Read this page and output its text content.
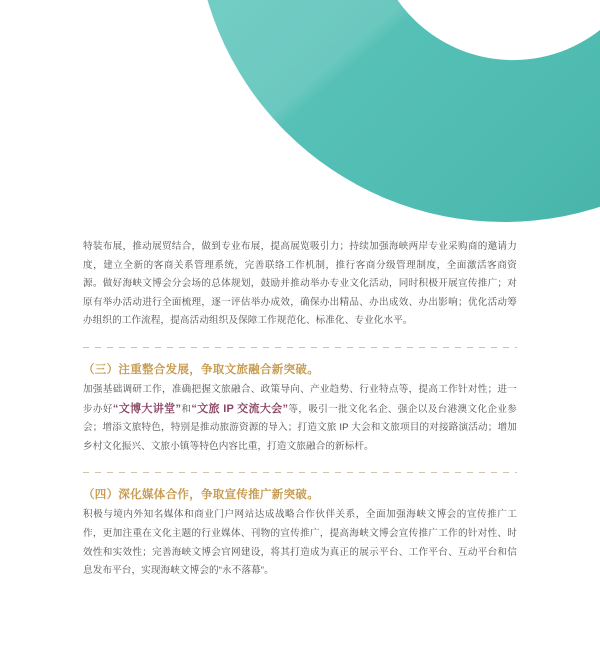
特装布展，推动展贸结合，做到专业布展，提高展览吸引力；持续加强海峡两岸专业采购商的邀请力度，建立全新的客商关系管理系统，完善联络工作机制，推行客商分级管理制度，全面激活客商资源。做好海峡文博会分会场的总体规划，鼓励并推动举办专业文化活动，同时积极开展宣传推广；对原有举办活动进行全面梳理，逐一评估举办成效，确保办出精品、办出成效、办出影响；优化活动筹办组织的工作流程，提高活动组织及保障工作规范化、标准化、专业化水平。

（三）注重整合发展，争取文旅融合新突破。

加强基础调研工作，准确把握文旅融合、政策导向、产业趋势、行业特点等，提高工作针对性；进一步办好“文博大讲堂”和“文旅 IP 交流大会”等，吸引一批文化名企、强企以及台港澳文化企业参会；增添文旅特色，特别是推动旅游资源的导入；打造文旅 IP 大会和文旅项目的对接路演活动；增加乡村文化振兴、文旅小镇等特色内容比重，打造文旅融合的新标杆。

（四）深化媒体合作，争取宣传推广新突破。

积极与境内外知名媒体和商业门户网站达成战略合作伙伴关系，全面加强海峡文博会的宣传推广工作，更加注重在文化主题的行业媒体、刊物的宣传推广，提高海峡文博会宣传推广工作的针对性、时效性和实效性；完善海峡文博会官网建设，将其打造成为真正的展示平台、工作平台、互动平台和信息发布平台，实现海峡文博会的“永不落幕”。
